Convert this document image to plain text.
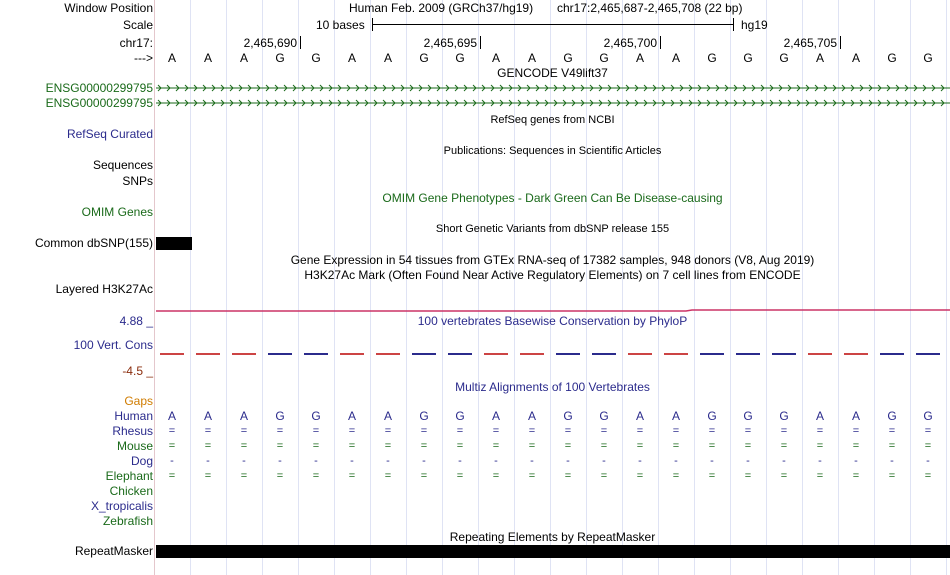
Window Position	Human Feb. 2009 (GRCh37/hg19) chr17:2,465,687-2,465,708 (22 bp)
Scale	10 bases	hg19
chr17:	2,465,690	2,465,695	2,465,700	2,465,705
--->	A	A	A	G	G	A	A	G	G	A	A	G	G	A	A	G	G	G	A	A	G	G
GENCODE V49lift37
ENSG00000299795
ENSG00000299795
RefSeq genes from NCBI
RefSeq Curated
Publications: Sequences in Scientific Articles
Sequences
SNPs
OMIM Gene Phenotypes - Dark Green Can Be Disease-causing
OMIM Genes
Short Genetic Variants from dbSNP release 155
Common dbSNP(155)
Gene Expression in 54 tissues from GTEx RNA-seq of 17382 samples, 948 donors (V8, Aug 2019)
H3K27Ac Mark (Often Found Near Active Regulatory Elements) on 7 cell lines from ENCODE
Layered H3K27Ac
4.88 _	100 vertebrates Basewise Conservation by PhyloP
100 Vert. Cons
-4.5 _
Multiz Alignments of 100 Vertebrates
Gaps
Human	A	A	A	G	G	A	A	G	G	A	A	G	G	A	A	G	G	G	A	A	G	G
Rhesus	=	=	=	=	=	=	=	=	=	=	=	=	=	=	=	=	=	=	=	=	=	=
Mouse	=	=	=	=	=	=	=	=	=	=	=	=	=	=	=	=	=	=	=	=	=	=
Dog	-	-	-	-	-	-	-	-	-	-	-	-	-	-	-	-	-	-	-	-	-	-
Elephant	=	=	=	=	=	=	=	=	=	=	=	=	=	=	=	=	=	=	=	=	=	=
Chicken
X_tropicalis
Zebrafish
Repeating Elements by RepeatMasker
RepeatMasker
